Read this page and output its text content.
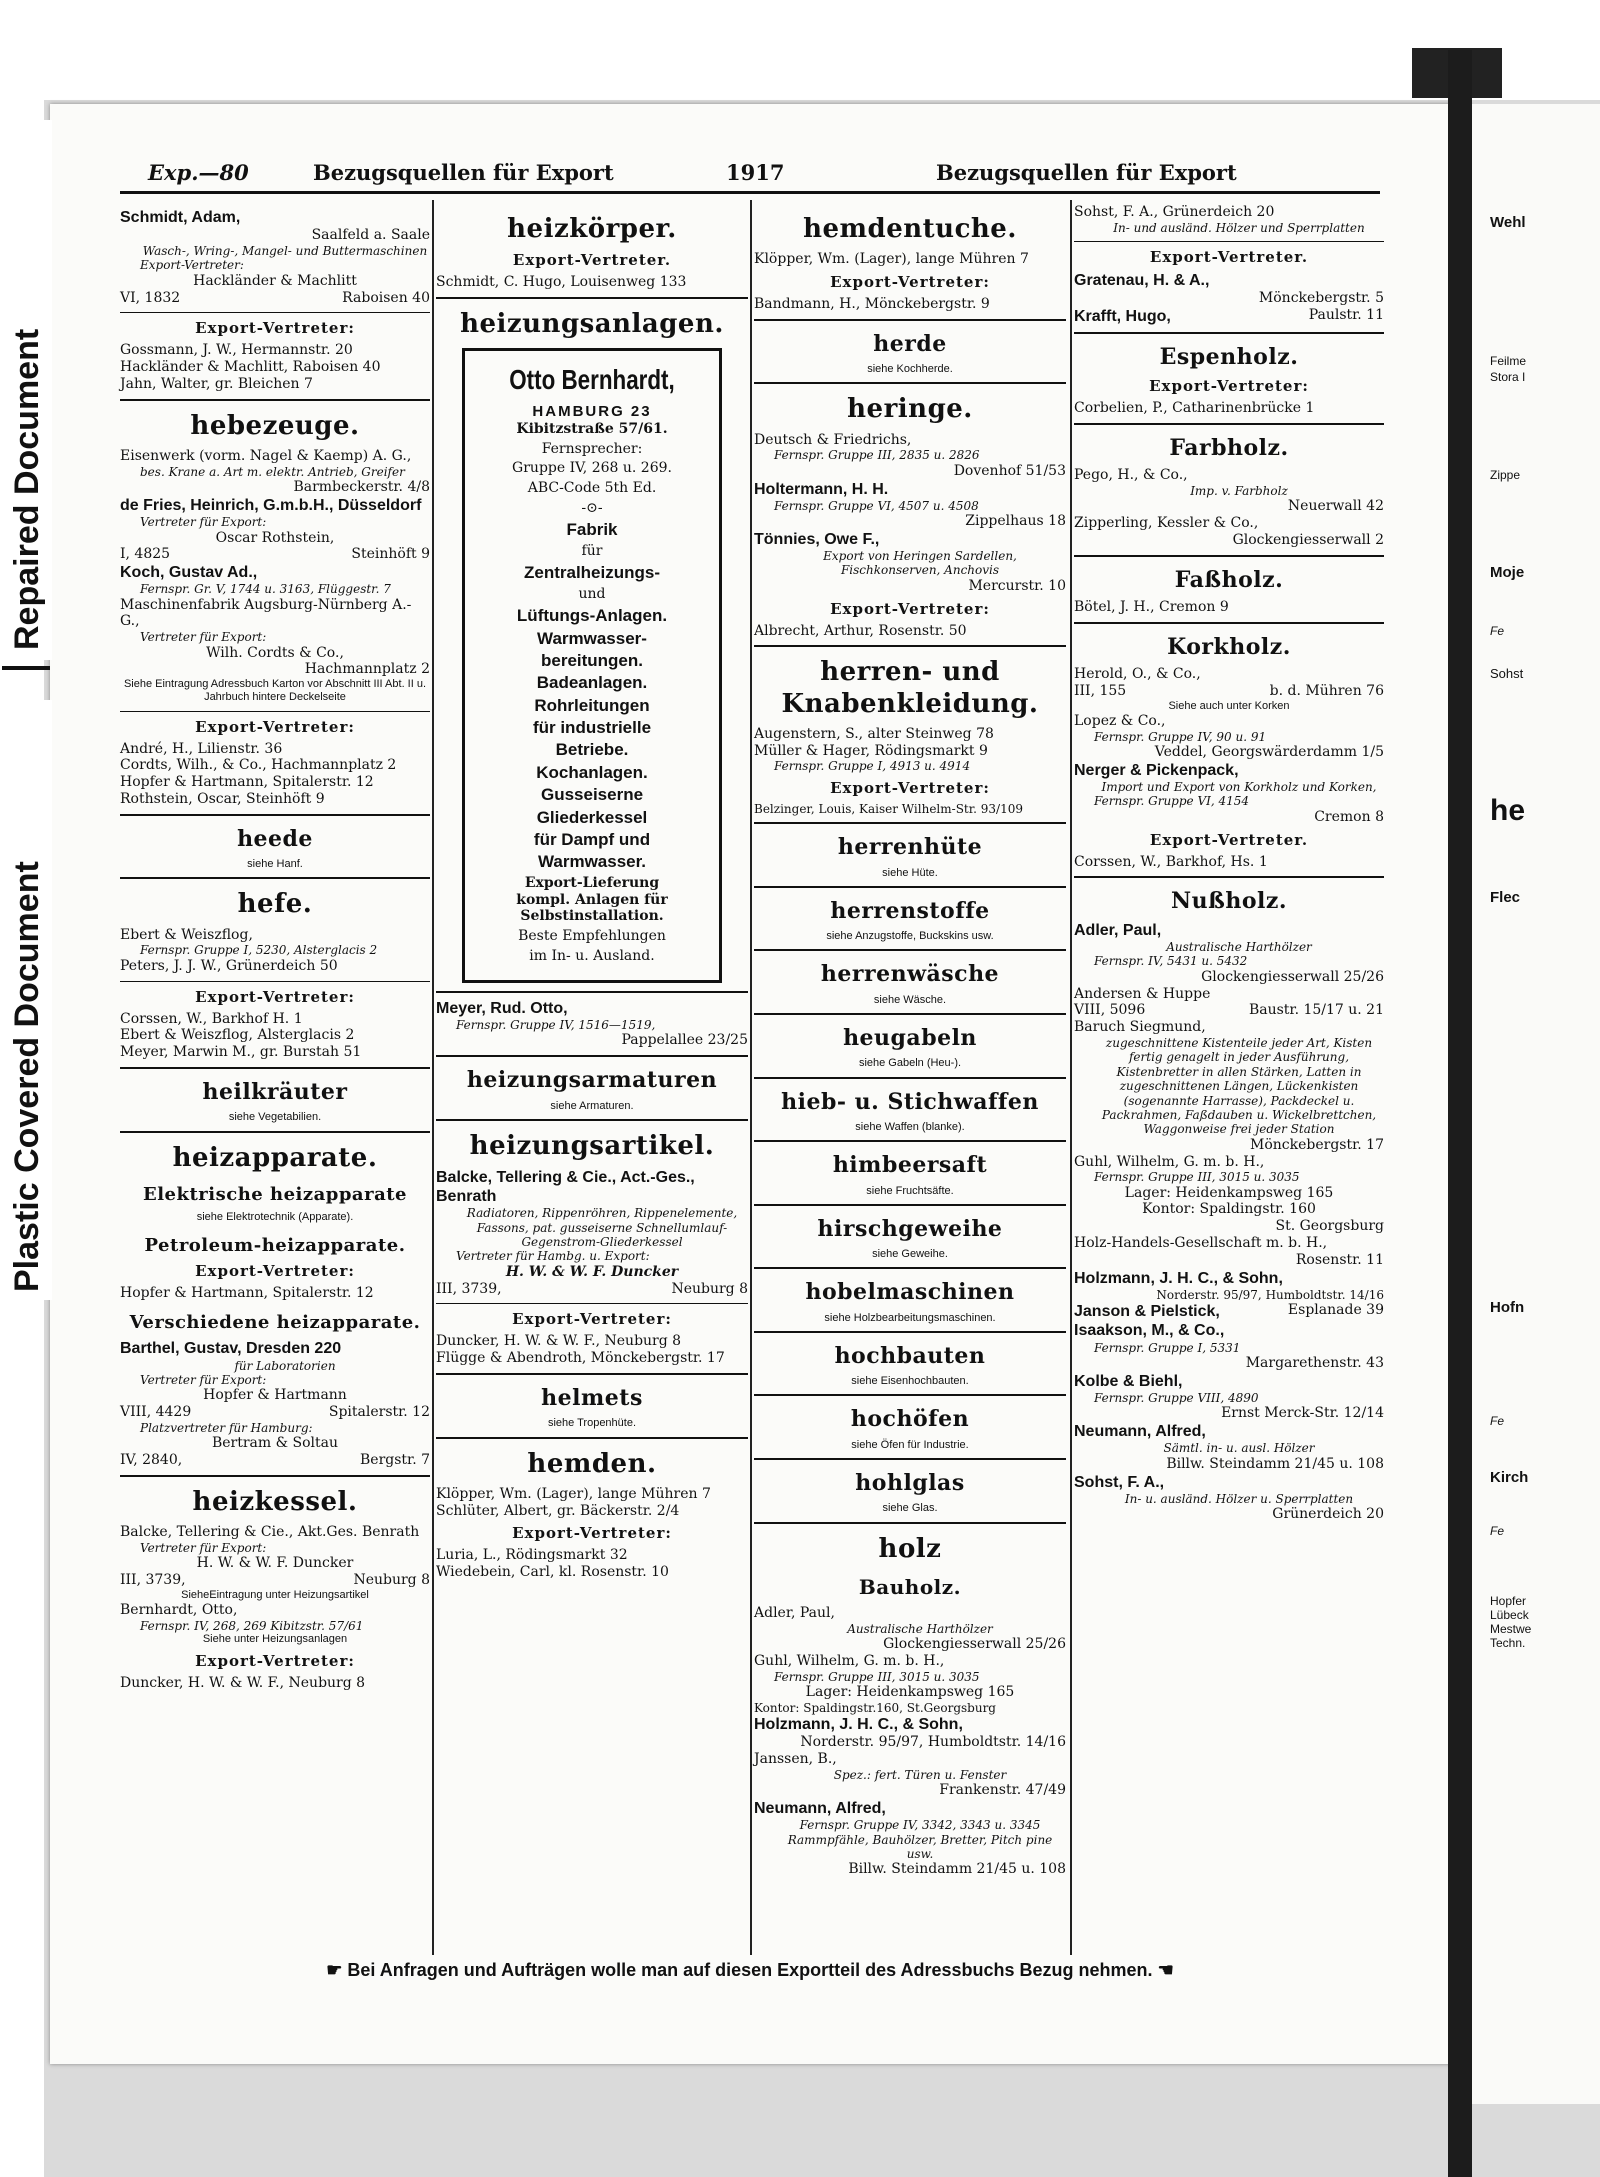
Wehl
Feilme
Stora I
Zippe
Moje
Fe
Sohst
he
Flec
Hofn
Fe
Kirch
Fe
Hopfer
Lübeck
Mestwe
Techn.
Repaired Document
Plastic Covered Document
Exp.—80	Bezugsquellen für Export	1917	Bezugsquellen für Export
Schmidt, Adam,
Saalfeld a. Saale
Wasch-, Wring-, Mangel- und Buttermaschinen
Export-Vertreter:
Hackländer & Machlitt
VI, 1832	Raboisen 40
Export-Vertreter:
Gossmann, J. W., Hermannstr. 20
Hackländer & Machlitt, Raboisen 40
Jahn, Walter, gr. Bleichen 7
hebezeuge.
Eisenwerk (vorm. Nagel & Kaemp) A. G.,
bes. Krane a. Art m. elektr. Antrieb, Greifer
Barmbeckerstr. 4/8
de Fries, Heinrich, G.m.b.H., Düsseldorf
Vertreter für Export:
Oscar Rothstein,
I, 4825	Steinhöft 9
Koch, Gustav Ad.,
Fernspr. Gr. V, 1744 u. 3163, Flüggestr. 7
Maschinenfabrik Augsburg-Nürnberg A.-G.,
Vertreter für Export:
Wilh. Cordts & Co.,
Hachmannplatz 2
Siehe Eintragung Adressbuch Karton vor Abschnitt III Abt. II u. Jahrbuch hintere Deckelseite
Export-Vertreter:
André, H., Lilienstr. 36
Cordts, Wilh., & Co., Hachmannplatz 2
Hopfer & Hartmann, Spitalerstr. 12
Rothstein, Oscar, Steinhöft 9
heede
siehe Hanf.
hefe.
Ebert & Weiszflog,
Fernspr. Gruppe I, 5230, Alsterglacis 2
Peters, J. J. W., Grünerdeich 50
Export-Vertreter:
Corssen, W., Barkhof H. 1
Ebert & Weiszflog, Alsterglacis 2
Meyer, Marwin M., gr. Burstah 51
heilkräuter
siehe Vegetabilien.
heizapparate.
Elektrische heizapparate
siehe Elektrotechnik (Apparate).
Petroleum-heizapparate.
Export-Vertreter:
Hopfer & Hartmann, Spitalerstr. 12
Verschiedene heizapparate.
Barthel, Gustav, Dresden 220
für Laboratorien
Vertreter für Export:
Hopfer & Hartmann
VIII, 4429	Spitalerstr. 12
Platzvertreter für Hamburg:
Bertram & Soltau
IV, 2840,	Bergstr. 7
heizkessel.
Balcke, Tellering & Cie., Akt.Ges. Benrath
Vertreter für Export:
H. W. & W. F. Duncker
III, 3739,	Neuburg 8
SieheEintragung unter Heizungsartikel
Bernhardt, Otto,
Fernspr. IV, 268, 269 Kibitzstr. 57/61
Siehe unter Heizungsanlagen
Export-Vertreter:
Duncker, H. W. & W. F., Neuburg 8
heizkörper.
Export-Vertreter.
Schmidt, C. Hugo, Louisenweg 133
heizungsanlagen.
Otto Bernhardt,
HAMBURG 23
Kibitzstraße 57/61.
Fernsprecher:
Gruppe IV, 268 u. 269.
ABC-Code 5th Ed.
-⊙-
Fabrik
für
Zentralheizungs-
und
Lüftungs-Anlagen.
Warmwasser-
bereitungen.
Badeanlagen.
Rohrleitungen
für industrielle
Betriebe.
Kochanlagen.
Gusseiserne
Gliederkessel
für Dampf und
Warmwasser.
Export-Lieferung
kompl. Anlagen für
Selbstinstallation.
Beste Empfehlungen
im In- u. Ausland.
Meyer, Rud. Otto,
Fernspr. Gruppe IV, 1516—1519,
Pappelallee 23/25
heizungsarmaturen
siehe Armaturen.
heizungsartikel.
Balcke, Tellering & Cie., Act.-Ges., Benrath
Radiatoren, Rippenröhren, Rippenelemente, Fassons, pat. gusseiserne Schnellumlauf-Gegenstrom-Gliederkessel
Vertreter für Hambg. u. Export:
H. W. & W. F. Duncker
III, 3739,	Neuburg 8
Export-Vertreter:
Duncker, H. W. & W. F., Neuburg 8
Flügge & Abendroth, Mönckebergstr. 17
helmets
siehe Tropenhüte.
hemden.
Klöpper, Wm. (Lager), lange Mühren 7
Schlüter, Albert, gr. Bäckerstr. 2/4
Export-Vertreter:
Luria, L., Rödingsmarkt 32
Wiedebein, Carl, kl. Rosenstr. 10
hemdentuche.
Klöpper, Wm. (Lager), lange Mühren 7
Export-Vertreter:
Bandmann, H., Mönckebergstr. 9
herde
siehe Kochherde.
heringe.
Deutsch & Friedrichs,
Fernspr. Gruppe III, 2835 u. 2826
Dovenhof 51/53
Holtermann, H. H.
Fernspr. Gruppe VI, 4507 u. 4508
Zippelhaus 18
Tönnies, Owe F.,
Export von Heringen Sardellen, Fischkonserven, Anchovis
Mercurstr. 10
Export-Vertreter:
Albrecht, Arthur, Rosenstr. 50
herren- und Knabenkleidung.
Augenstern, S., alter Steinweg 78
Müller & Hager, Rödingsmarkt 9
Fernspr. Gruppe I, 4913 u. 4914
Export-Vertreter:
Belzinger, Louis, Kaiser Wilhelm-Str. 93/109
herrenhüte
siehe Hüte.
herrenstoffe
siehe Anzugstoffe, Buckskins usw.
herrenwäsche
siehe Wäsche.
heugabeln
siehe Gabeln (Heu-).
hieb- u. Stichwaffen
siehe Waffen (blanke).
himbeersaft
siehe Fruchtsäfte.
hirschgeweihe
siehe Geweihe.
hobelmaschinen
siehe Holzbearbeitungsmaschinen.
hochbauten
siehe Eisenhochbauten.
hochöfen
siehe Öfen für Industrie.
hohlglas
siehe Glas.
holz
Bauholz.
Adler, Paul,
Australische Harthölzer
Glockengiesserwall 25/26
Guhl, Wilhelm, G. m. b. H.,
Fernspr. Gruppe III, 3015 u. 3035
Lager: Heidenkampsweg 165
Kontor: Spaldingstr.160, St.Georgsburg
Holzmann, J. H. C., & Sohn,
Norderstr. 95/97, Humboldtstr. 14/16
Janssen, B.,
Spez.: fert. Türen u. Fenster
Frankenstr. 47/49
Neumann, Alfred,
Fernspr. Gruppe IV, 3342, 3343 u. 3345 Rammpfähle, Bauhölzer, Bretter, Pitch pine usw.
Billw. Steindamm 21/45 u. 108
Sohst, F. A., Grünerdeich 20
In- und ausländ. Hölzer und Sperrplatten
Export-Vertreter.
Gratenau, H. & A.,
Mönckebergstr. 5
Krafft, Hugo,	Paulstr. 11
Espenholz.
Export-Vertreter:
Corbelien, P., Catharinenbrücke 1
Farbholz.
Pego, H., & Co.,
Imp. v. Farbholz
Neuerwall 42
Zipperling, Kessler & Co.,
Glockengiesserwall 2
Faßholz.
Bötel, J. H., Cremon 9
Korkholz.
Herold, O., & Co.,
III, 155	b. d. Mühren 76
Siehe auch unter Korken
Lopez & Co.,
Fernspr. Gruppe IV, 90 u. 91
Veddel, Georgswärderdamm 1/5
Nerger & Pickenpack,
Import und Export von Korkholz und Korken,
Fernspr. Gruppe VI, 4154
Cremon 8
Export-Vertreter.
Corssen, W., Barkhof, Hs. 1
Nußholz.
Adler, Paul,
Australische Harthölzer
Fernspr. IV, 5431 u. 5432
Glockengiesserwall 25/26
Andersen & Huppe
VIII, 5096	Baustr. 15/17 u. 21
Baruch Siegmund,
zugeschnittene Kistenteile jeder Art, Kisten fertig genagelt in jeder Ausführung, Kistenbretter in allen Stärken, Latten in zugeschnittenen Längen, Lückenkisten (sogenannte Harrasse), Packdeckel u. Packrahmen, Faßdauben u. Wickelbrettchen, Waggonweise frei jeder Station
Mönckebergstr. 17
Guhl, Wilhelm, G. m. b. H.,
Fernspr. Gruppe III, 3015 u. 3035
Lager: Heidenkampsweg 165
Kontor: Spaldingstr. 160
St. Georgsburg
Holz-Handels-Gesellschaft m. b. H.,
Rosenstr. 11
Holzmann, J. H. C., & Sohn,
Norderstr. 95/97, Humboldtstr. 14/16
Janson & Pielstick,	Esplanade 39
Isaakson, M., & Co.,
Fernspr. Gruppe I, 5331
Margarethenstr. 43
Kolbe & Biehl,
Fernspr. Gruppe VIII, 4890
Ernst Merck-Str. 12/14
Neumann, Alfred,
Sämtl. in- u. ausl. Hölzer
Billw. Steindamm 21/45 u. 108
Sohst, F. A.,
In- u. ausländ. Hölzer u. Sperrplatten
Grünerdeich 20
☛ Bei Anfragen und Aufträgen wolle man auf diesen Exportteil des Adressbuchs Bezug nehmen. ☚
